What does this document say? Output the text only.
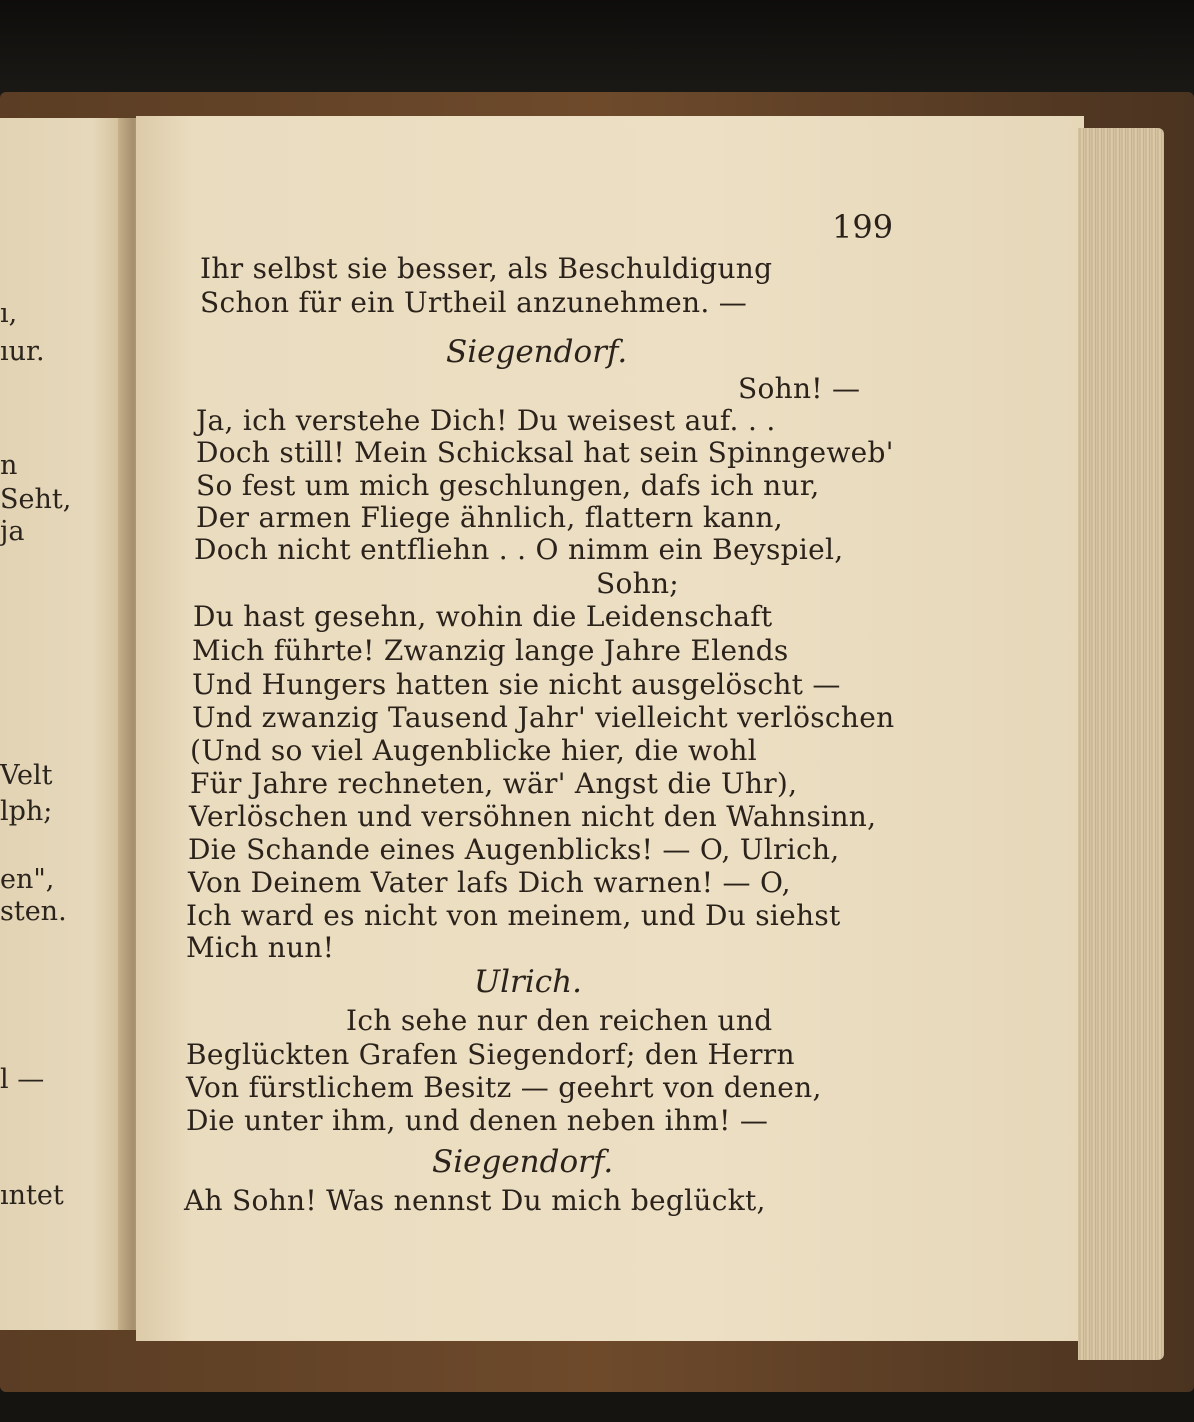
ı,
ıur.
n
Seht,
ja
Velt
lph;
en",
sten.
l —
ıntet
199
Ihr selbst sie besser, als Beschuldigung
Schon für ein Urtheil anzunehmen. —
Siegendorf.
Sohn! —
Ja, ich verstehe Dich! Du weisest auf. . .
Doch still! Mein Schicksal hat sein Spinngeweb'
So fest um mich geschlungen, dafs ich nur,
Der armen Fliege ähnlich, flattern kann,
Doch nicht entfliehn . . O nimm ein Beyspiel,
Sohn;
Du hast gesehn, wohin die Leidenschaft
Mich führte! Zwanzig lange Jahre Elends
Und Hungers hatten sie nicht ausgelöscht —
Und zwanzig Tausend Jahr' vielleicht verlöschen
(Und so viel Augenblicke hier, die wohl
Für Jahre rechneten, wär' Angst die Uhr),
Verlöschen und versöhnen nicht den Wahnsinn,
Die Schande eines Augenblicks! — O, Ulrich,
Von Deinem Vater lafs Dich warnen! — O,
Ich ward es nicht von meinem, und Du siehst
Mich nun!
Ulrich.
Ich sehe nur den reichen und
Beglückten Grafen Siegendorf; den Herrn
Von fürstlichem Besitz — geehrt von denen,
Die unter ihm, und denen neben ihm! —
Siegendorf.
Ah Sohn! Was nennst Du mich beglückt,
